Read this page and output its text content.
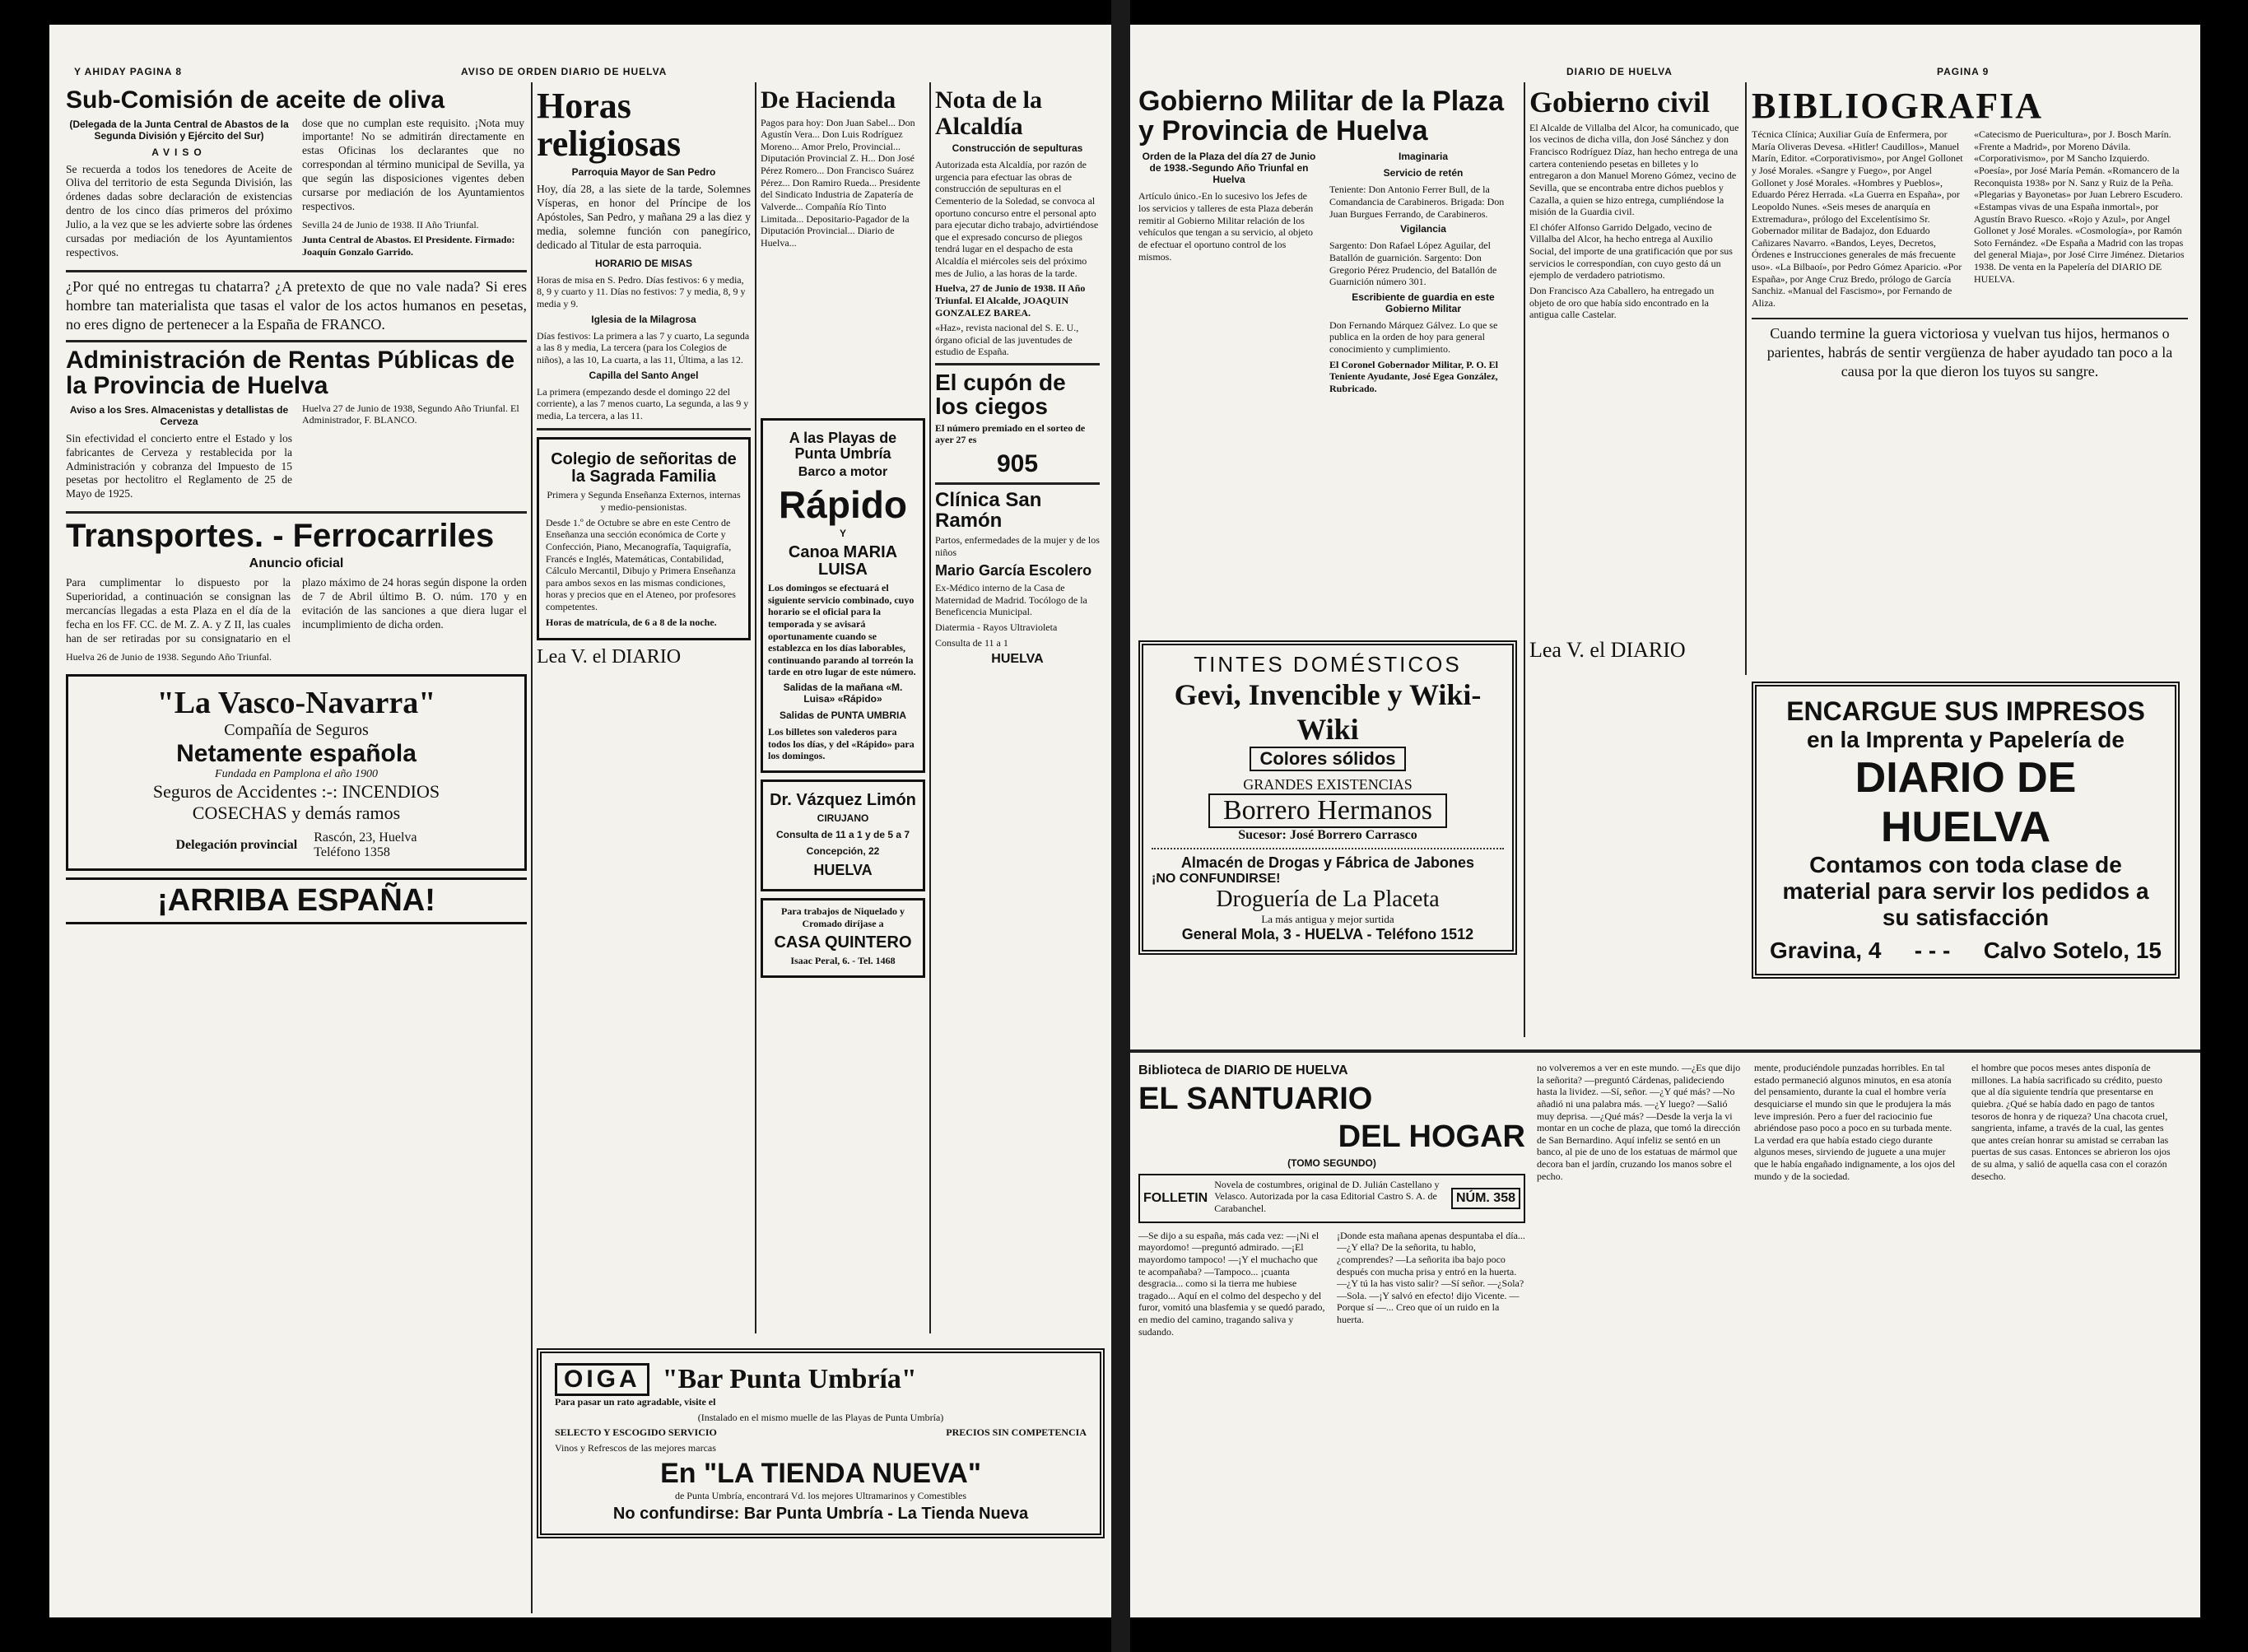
Y AHIDAY PAGINA 8	AVISO DE ORDEN DIARIO DE HUELVA
Sub-Comisión de aceite de oliva
(Delegada de la Junta Central de Abastos de la Segunda División y Ejército del Sur)
AVISO

Se recuerda a todos los tenedores de Aceite de Oliva del territorio de esta Segunda División, las órdenes dadas sobre declaración de existencias dentro de los cinco días primeros del próximo Julio, a la vez que se les advierte sobre las órdenes cursadas por mediación de los Ayuntamientos respectivos.

dose que no cumplan este requisito. ¡Nota muy importante! No se admitirán directamente en estas Oficinas los declarantes que no correspondan al término municipal de Sevilla, ya que según las disposiciones vigentes deben cursarse por mediación de los Ayuntamientos respectivos.

Sevilla 24 de Junio de 1938. II Año Triunfal.

Junta Central de Abastos. El Presidente. Firmado: Joaquín Gonzalo Garrido.

¿Por qué no entregas tu chatarra? ¿A pretexto de que no vale nada? Si eres hombre tan materialista que tasas el valor de los actos humanos en pesetas, no eres digno de pertenecer a la España de FRANCO.

Administración de Rentas Públicas de la Provincia de Huelva
Aviso a los Sres. Almacenistas y detallistas de Cerveza

Sin efectividad el concierto entre el Estado y los fabricantes de Cerveza y restablecida por la Administración y cobranza del Impuesto de 15 pesetas por hectolitro el Reglamento de 25 de Mayo de 1925.

Huelva 27 de Junio de 1938, Segundo Año Triunfal. El Administrador, F. BLANCO.

Transportes. - Ferrocarriles
Anuncio oficial

Para cumplimentar lo dispuesto por la Superioridad, a continuación se consignan las mercancías llegadas a esta Plaza en el día de la fecha en los FF. CC. de M. Z. A. y Z II, las cuales han de ser retiradas por su consignatario en el plazo máximo de 24 horas según dispone la orden de 7 de Abril último B. O. núm. 170 y en evitación de las sanciones a que diera lugar el incumplimiento de dicha orden.

Huelva 26 de Junio de 1938. Segundo Año Triunfal.

"La Vasco-Navarra"
Compañía de Seguros
Netamente española
Fundada en Pamplona el año 1900
Seguros de Accidentes :-: INCENDIOS
COSECHAS y demás ramos
Delegación provincial
Rascón, 23, Huelva
Teléfono 1358
¡ARRIBA ESPAÑA!
Horas religiosas
Parroquia Mayor de San Pedro

Hoy, día 28, a las siete de la tarde, Solemnes Vísperas, en honor del Príncipe de los Apóstoles, San Pedro, y mañana 29 a las diez y media, solemne función con panegírico, dedicado al Titular de esta parroquia.

HORARIO DE MISAS

Horas de misa en S. Pedro. Días festivos: 6 y media, 8, 9 y cuarto y 11. Días no festivos: 7 y media, 8, 9 y media y 9.

Iglesia de la Milagrosa

Días festivos: La primera a las 7 y cuarto, La segunda a las 8 y media, La tercera (para los Colegios de niños), a las 10, La cuarta, a las 11, Última, a las 12.

Capilla del Santo Angel

La primera (empezando desde el domingo 22 del corriente), a las 7 menos cuarto, La segunda, a las 9 y media, La tercera, a las 11.

Colegio de señoritas de la Sagrada Familia

Primera y Segunda Enseñanza Externos, internas y medio-pensionistas.

Desde 1.º de Octubre se abre en este Centro de Enseñanza una sección económica de Corte y Confección, Piano, Mecanografía, Taquigrafía, Francés e Inglés, Matemáticas, Contabilidad, Cálculo Mercantil, Dibujo y Primera Enseñanza para ambos sexos en las mismas condiciones, horas y precios que en el Ateneo, por profesores competentes.

Horas de matrícula, de 6 a 8 de la noche.

Lea V. el DIARIO
De Hacienda

Pagos para hoy: Don Juan Sabel... Don Agustín Vera... Don Luis Rodríguez Moreno... Amor Prelo, Provincial... Diputación Provincial Z. H... Don José Pérez Romero... Don Francisco Suárez Pérez... Don Ramiro Rueda... Presidente del Sindicato Industria de Zapatería de Valverde... Compañía Río Tinto Limitada... Depositario-Pagador de la Diputación Provincial... Diario de Huelva...

Nota de la Alcaldía
Construcción de sepulturas

Autorizada esta Alcaldía, por razón de urgencia para efectuar las obras de construcción de sepulturas en el Cementerio de la Soledad, se convoca al oportuno concurso entre el personal apto para ejecutar dicho trabajo, advirtiéndose que el expresado concurso de pliegos tendrá lugar en el despacho de esta Alcaldía el miércoles seis del próximo mes de Julio, a las horas de la tarde.

Huelva, 27 de Junio de 1938. II Año Triunfal. El Alcalde, JOAQUIN GONZALEZ BAREA.

«Haz», revista nacional del S. E. U., órgano oficial de las juventudes de estudio de España.

El cupón de los ciegos

El número premiado en el sorteo de ayer 27 es

905
Clínica San Ramón

Partos, enfermedades de la mujer y de los niños

Mario García Escolero

Ex-Médico interno de la Casa de Maternidad de Madrid. Tocólogo de la Beneficencia Municipal.

Diatermia - Rayos Ultravioleta

Consulta de 11 a 1

HUELVA
A las Playas de Punta Umbría
Barco a motor
Rápido
Y
Canoa MARIA LUISA

Los domingos se efectuará el siguiente servicio combinado, cuyo horario se el oficial para la temporada y se avisará oportunamente cuando se establezca en los días laborables, continuando parando al torreón la tarde en otro lugar de este número.

Salidas de la mañana «M. Luisa» «Rápido»
Salidas de PUNTA UMBRIA

Los billetes son valederos para todos los días, y del «Rápido» para los domingos.

Dr. Vázquez Limón
CIRUJANO
Consulta de 11 a 1 y de 5 a 7
Concepción, 22
HUELVA
Para trabajos de Niquelado y Cromado diríjase a
CASA QUINTERO
Isaac Peral, 6. - Tel. 1468
OIGA "Bar Punta Umbría"

Para pasar un rato agradable, visite el

(Instalado en el mismo muelle de las Playas de Punta Umbría)

SELECTO Y ESCOGIDO SERVICIO
Vinos y Refrescos de las mejores marcas
PRECIOS SIN COMPETENCIA
En "LA TIENDA NUEVA"

de Punta Umbría, encontrará Vd. los mejores Ultramarinos y Comestibles

No confundirse: Bar Punta Umbría - La Tienda Nueva
DIARIO DE HUELVA	PAGINA 9
Gobierno Militar de la Plaza y Provincia de Huelva
Orden de la Plaza del día 27 de Junio de 1938.-Segundo Año Triunfal en Huelva

Artículo único.-En lo sucesivo los Jefes de los servicios y talleres de esta Plaza deberán remitir al Gobierno Militar relación de los vehículos que tengan a su servicio, al objeto de efectuar el oportuno control de los mismos.

Imaginaria
Servicio de retén

Teniente: Don Antonio Ferrer Bull, de la Comandancia de Carabineros. Brigada: Don Juan Burgues Ferrando, de Carabineros.

Vigilancia

Sargento: Don Rafael López Aguilar, del Batallón de guarnición. Sargento: Don Gregorio Pérez Prudencio, del Batallón de Guarnición número 301.

Escribiente de guardia en este Gobierno Militar

Don Fernando Márquez Gálvez. Lo que se publica en la orden de hoy para general conocimiento y cumplimiento.

El Coronel Gobernador Militar, P. O. El Teniente Ayudante, José Egea González, Rubricado.

Gobierno civil

El Alcalde de Villalba del Alcor, ha comunicado, que los vecinos de dicha villa, don José Sánchez y don Francisco Rodríguez Díaz, han hecho entrega de una cartera conteniendo pesetas en billetes y lo entregaron a don Manuel Moreno Gómez, vecino de Sevilla, que se encontraba entre dichos pueblos y Cazalla, a quien se hizo entrega, cumpliéndose la misión de la Guardia civil.

El chófer Alfonso Garrido Delgado, vecino de Villalba del Alcor, ha hecho entrega al Auxilio Social, del importe de una gratificación que por sus servicios le correspondían, con cuyo gesto dá un ejemplo de verdadero patriotismo.

Don Francisco Aza Caballero, ha entregado un objeto de oro que había sido encontrado en la antigua calle Castelar.

BIBLIOGRAFIA

Técnica Clínica; Auxiliar Guía de Enfermera, por María Oliveras Devesa. «Hitler! Caudillos», Manuel Marín, Editor. «Corporativismo», por Angel Gollonet y José Morales. «Sangre y Fuego», por Angel Gollonet y José Morales. «Hombres y Pueblos», Eduardo Pérez Herrada. «La Guerra en España», por Leopoldo Nunes. «Seis meses de anarquía en Extremadura», prólogo del Excelentísimo Sr. Gobernador militar de Badajoz, don Eduardo Cañizares Navarro. «Bandos, Leyes, Decretos, Órdenes e Instrucciones generales de más frecuente uso». «La Bilbaoí», por Pedro Gómez Aparicio. «Por España», por Ange Cruz Bredo, prólogo de García Sanchiz. «Manual del Fascismo», por Fernando de Aliza.

«Catecismo de Puericultura», por J. Bosch Marín. «Frente a Madrid», por Moreno Dávila. «Corporativismo», por M Sancho Izquierdo. «Poesía», por José María Pemán. «Romancero de la Reconquista 1938» por N. Sanz y Ruiz de la Peña. «Plegarias y Bayonetas» por Juan Lebrero Escudero. «Estampas vivas de una España inmortal», por Agustín Bravo Ruesco. «Rojo y Azul», por Angel Gollonet y José Morales. «Cosmología», por Ramón Soto Fernández. «De España a Madrid con las tropas del general Miaja», por José Cirre Jiménez. Dietarios 1938. De venta en la Papelería del DIARIO DE HUELVA.

Cuando termine la guera victoriosa y vuelvan tus hijos, hermanos o parientes, habrás de sentir vergüenza de haber ayudado tan poco a la causa por la que dieron los tuyos su sangre.

Lea V. el DIARIO
TINTES DOMÉSTICOS
Gevi, Invencible y Wiki-Wiki
Colores sólidos
GRANDES EXISTENCIAS
Borrero Hermanos
Sucesor: José Borrero Carrasco
Almacén de Drogas y Fábrica de Jabones
¡NO CONFUNDIRSE!
Droguería de La Placeta
La más antigua y mejor surtida
General Mola, 3 - HUELVA - Teléfono 1512
ENCARGUE SUS IMPRESOS
en la Imprenta y Papelería de
DIARIO DE HUELVA
Contamos con toda clase de
material para servir los pedidos a su satisfacción
Gravina, 4 - - - Calvo Sotelo, 15
Biblioteca de DIARIO DE HUELVA
EL SANTUARIO
DEL HOGAR
(TOMO SEGUNDO)
FOLLETIN
Novela de costumbres, original de D. Julián Castellano y Velasco. Autorizada por la casa Editorial Castro S. A. de Carabanchel.
NÚM. 358

—Se dijo a su españa, más cada vez: —¡Ni el mayordomo! —preguntó admirado. —¡El mayordomo tampoco! —¡Y el muchacho que te acompañaba? —Tampoco... ¡cuanta desgracia... como si la tierra me hubiese tragado... Aquí en el colmo del despecho y del furor, vomitó una blasfemia y se quedó parado, en medio del camino, tragando saliva y sudando.

¡Donde esta mañana apenas despuntaba el día... —¿Y ella? De la señorita, tu hablo, ¿comprendes? —La señorita iba bajo poco después con mucha prisa y entró en la huerta. —¿Y tú la has visto salir? —Sí señor. —¿Sola? —Sola. —¡Y salvó en efecto! dijo Vicente. —Porque sí —... Creo que oí un ruido en la huerta.

no volveremos a ver en este mundo. —¿Es que dijo la señorita? —preguntó Cárdenas, palideciendo hasta la lividez. —Sí, señor. —¿Y qué más? —No añadió ni una palabra más. —¿Y luego? —Salió muy deprisa. —¿Qué más? —Desde la verja la vi montar en un coche de plaza, que tomó la dirección de San Bernardino. Aquí infeliz se sentó en un banco, al pie de uno de los estatuas de mármol que decora ban el jardín, cruzando los manos sobre el pecho.

mente, produciéndole punzadas horribles. En tal estado permaneció algunos minutos, en esa atonía del pensamiento, durante la cual el hombre vería desquiciarse el mundo sin que le produjera la más leve impresión. Pero a fuer del raciocinio fue abriéndose paso poco a poco en su turbada mente. La verdad era que había estado ciego durante algunos meses, sirviendo de juguete a una mujer que le había engañado indignamente, a los ojos del mundo y de la sociedad.

el hombre que pocos meses antes disponía de millones. La había sacrificado su crédito, puesto que al día siguiente tendría que presentarse en quiebra. ¿Qué se había dado en pago de tantos tesoros de honra y de riqueza? Una chacota cruel, sangrienta, infame, a través de la cual, las gentes que antes creían honrar su amistad se cerraban las puertas de sus casas. Entonces se abrieron los ojos de su alma, y salió de aquella casa con el corazón desecho.
